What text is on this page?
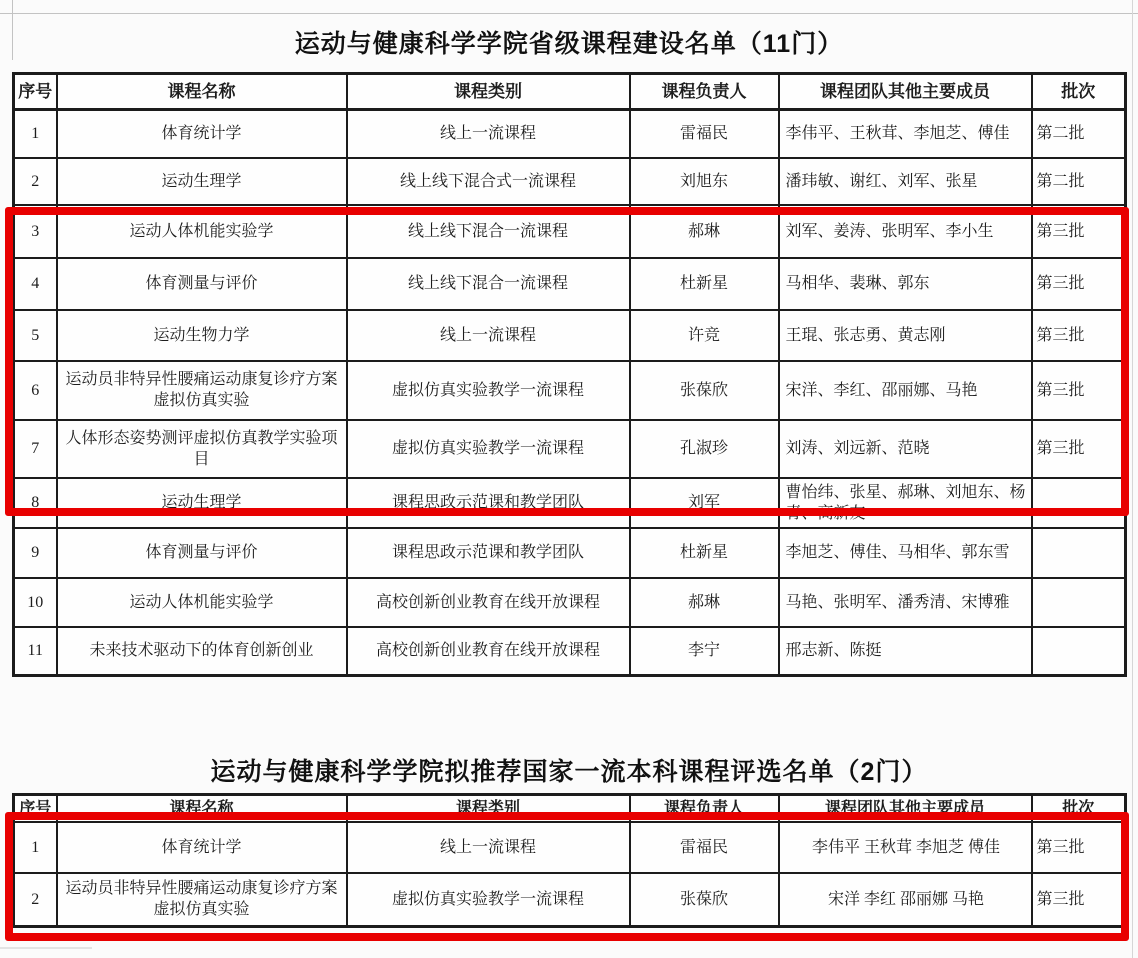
运动与健康科学学院省级课程建设名单（11门）
序号	课程名称	课程类别	课程负责人	课程团队其他主要成员	批次
1	体育统计学	线上一流课程	雷福民	李伟平、王秋茸、李旭芝、傅佳	第二批
2	运动生理学	线上线下混合式一流课程	刘旭东	潘玮敏、谢红、刘军、张星	第二批
3	运动人体机能实验学	线上线下混合一流课程	郝琳	刘军、姜涛、张明军、李小生	第三批
4	体育测量与评价	线上线下混合一流课程	杜新星	马相华、裴琳、郭东	第三批
5	运动生物力学	线上一流课程	许竞	王琨、张志勇、黄志刚	第三批
6	运动员非特异性腰痛运动康复诊疗方案虚拟仿真实验	虚拟仿真实验教学一流课程	张葆欣	宋洋、李红、邵丽娜、马艳	第三批
7	人体形态姿势测评虚拟仿真教学实验项目	虚拟仿真实验教学一流课程	孔淑珍	刘涛、刘远新、范晓	第三批
8	运动生理学	课程思政示范课和教学团队	刘军	曹怡纬、张星、郝琳、刘旭东、杨青、高新友	
9	体育测量与评价	课程思政示范课和教学团队	杜新星	李旭芝、傅佳、马相华、郭东雪	
10	运动人体机能实验学	高校创新创业教育在线开放课程	郝琳	马艳、张明军、潘秀清、宋博雅	
11	未来技术驱动下的体育创新创业	高校创新创业教育在线开放课程	李宁	邢志新、陈挺	
运动与健康科学学院拟推荐国家一流本科课程评选名单（2门）
序号	课程名称	课程类别	课程负责人	课程团队其他主要成员	批次
1	体育统计学	线上一流课程	雷福民	李伟平 王秋茸 李旭芝 傅佳	第三批
2	运动员非特异性腰痛运动康复诊疗方案虚拟仿真实验	虚拟仿真实验教学一流课程	张葆欣	宋洋 李红 邵丽娜 马艳	第三批
